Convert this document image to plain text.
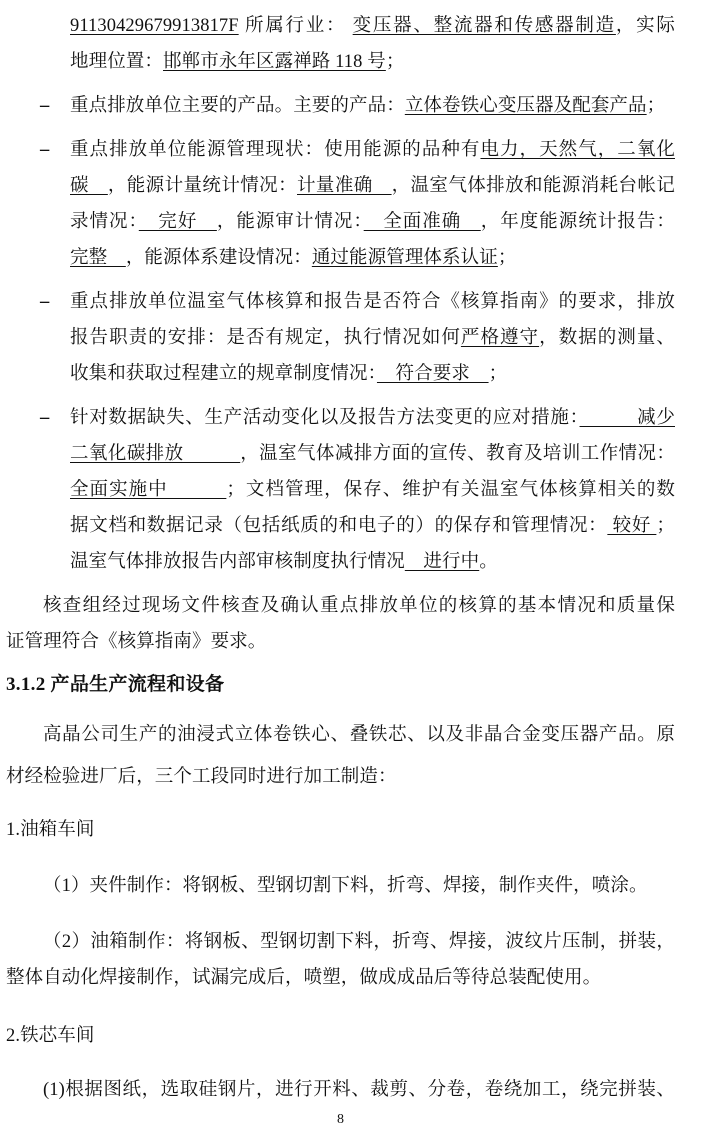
91130429679913817F 所属行业： 变压器、整流器和传感器制造，实际
地理位置：邯郸市永年区露禅路 118 号；
–	重点排放单位主要的产品。主要的产品：立体卷铁心变压器及配套产品；
–	重点排放单位能源管理现状：使用能源的品种有电力，天然气，二氧化
碳　，能源计量统计情况：计量准确　，温室气体排放和能源消耗台帐记
录情况：　完好　，能源审计情况：　全面准确　，年度能源统计报告：
完整　，能源体系建设情况：通过能源管理体系认证；
–	重点排放单位温室气体核算和报告是否符合《核算指南》的要求，排放
报告职责的安排：是否有规定，执行情况如何严格遵守，数据的测量、
收集和获取过程建立的规章制度情况：　符合要求　；
–	针对数据缺失、生产活动变化以及报告方法变更的应对措施：　　　减少
二氧化碳排放　　　，温室气体减排方面的宣传、教育及培训工作情况：
全面实施中　　　；文档管理，保存、维护有关温室气体核算相关的数
据文档和数据记录（包括纸质的和电子的）的保存和管理情况： 较好 ；
温室气体排放报告内部审核制度执行情况　进行中。
核查组经过现场文件核查及确认重点排放单位的核算的基本情况和质量保
证管理符合《核算指南》要求。
3.1.2 产品生产流程和设备
高晶公司生产的油浸式立体卷铁心、叠铁芯、以及非晶合金变压器产品。原
材经检验进厂后，三个工段同时进行加工制造：
1.油箱车间
（1）夹件制作：将钢板、型钢切割下料，折弯、焊接，制作夹件，喷涂。
（2）油箱制作：将钢板、型钢切割下料，折弯、焊接，波纹片压制，拼装，
整体自动化焊接制作，试漏完成后，喷塑，做成成品后等待总装配使用。
2.铁芯车间
(1)根据图纸，选取硅钢片，进行开料、裁剪、分卷，卷绕加工，绕完拼装、
8
